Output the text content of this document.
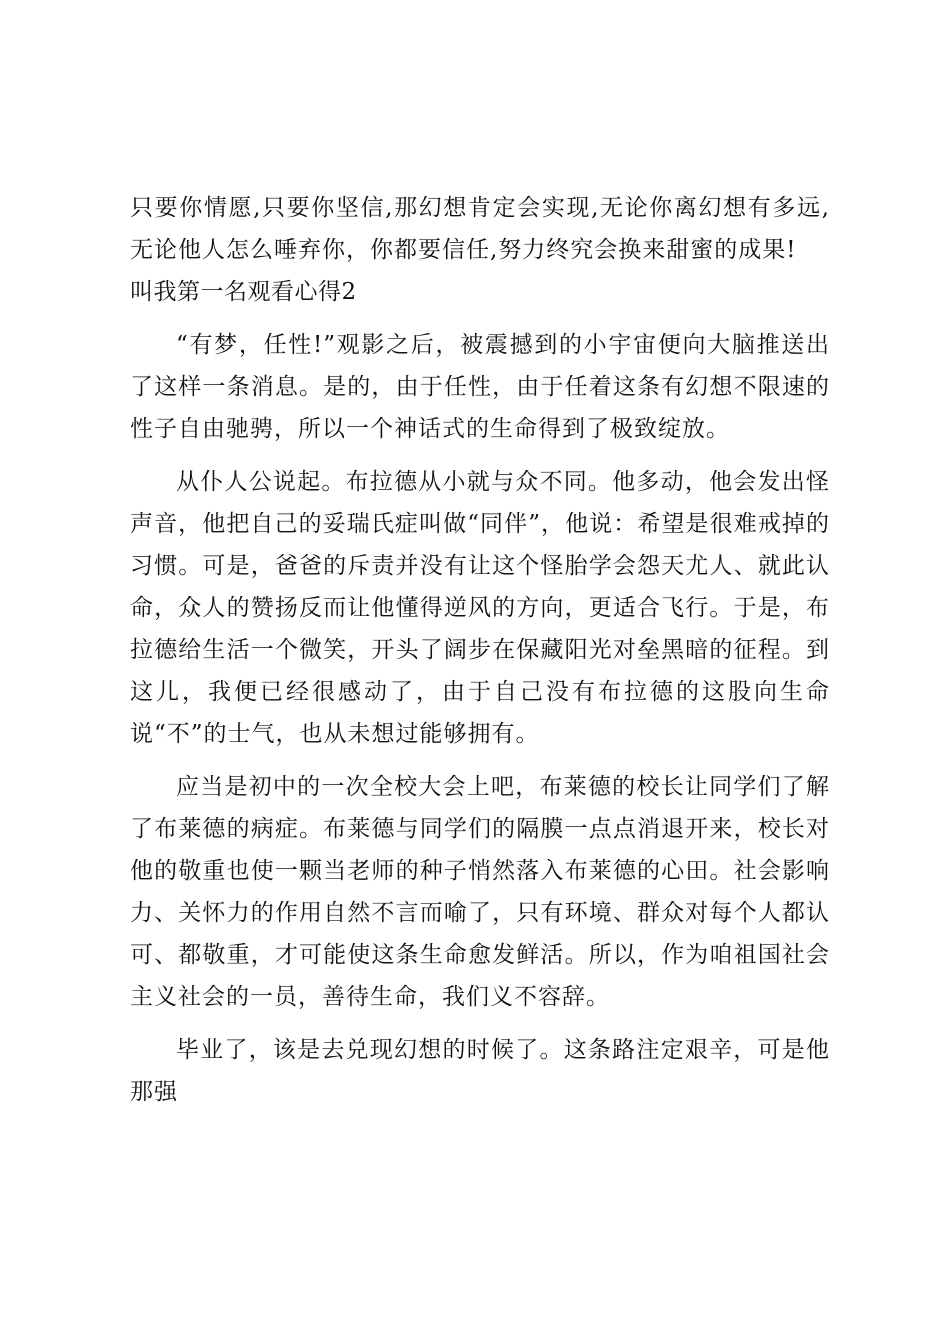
只要你情愿,只要你坚信,那幻想肯定会实现,无论你离幻想有多远,无论他人怎么唾弃你，你都要信任,努力终究会换来甜蜜的成果!

叫我第一名观看心得2

“有梦，任性!”观影之后，被震撼到的小宇宙便向大脑推送出了这样一条消息。是的，由于任性，由于任着这条有幻想不限速的性子自由驰骋，所以一个神话式的生命得到了极致绽放。

从仆人公说起。布拉德从小就与众不同。他多动，他会发出怪声音，他把自己的妥瑞氏症叫做“同伴”，他说：希望是很难戒掉的习惯。可是，爸爸的斥责并没有让这个怪胎学会怨天尤人、就此认命，众人的赞扬反而让他懂得逆风的方向，更适合飞行。于是，布拉德给生活一个微笑，开头了阔步在保藏阳光对垒黑暗的征程。到这儿，我便已经很感动了，由于自己没有布拉德的这股向生命说“不”的士气，也从未想过能够拥有。

应当是初中的一次全校大会上吧，布莱德的校长让同学们了解了布莱德的病症。布莱德与同学们的隔膜一点点消退开来，校长对他的敬重也使一颗当老师的种子悄然落入布莱德的心田。社会影响力、关怀力的作用自然不言而喻了，只有环境、群众对每个人都认可、都敬重，才可能使这条生命愈发鲜活。所以，作为咱祖国社会主义社会的一员，善待生命，我们义不容辞。

毕业了，该是去兑现幻想的时候了。这条路注定艰辛，可是他那强
